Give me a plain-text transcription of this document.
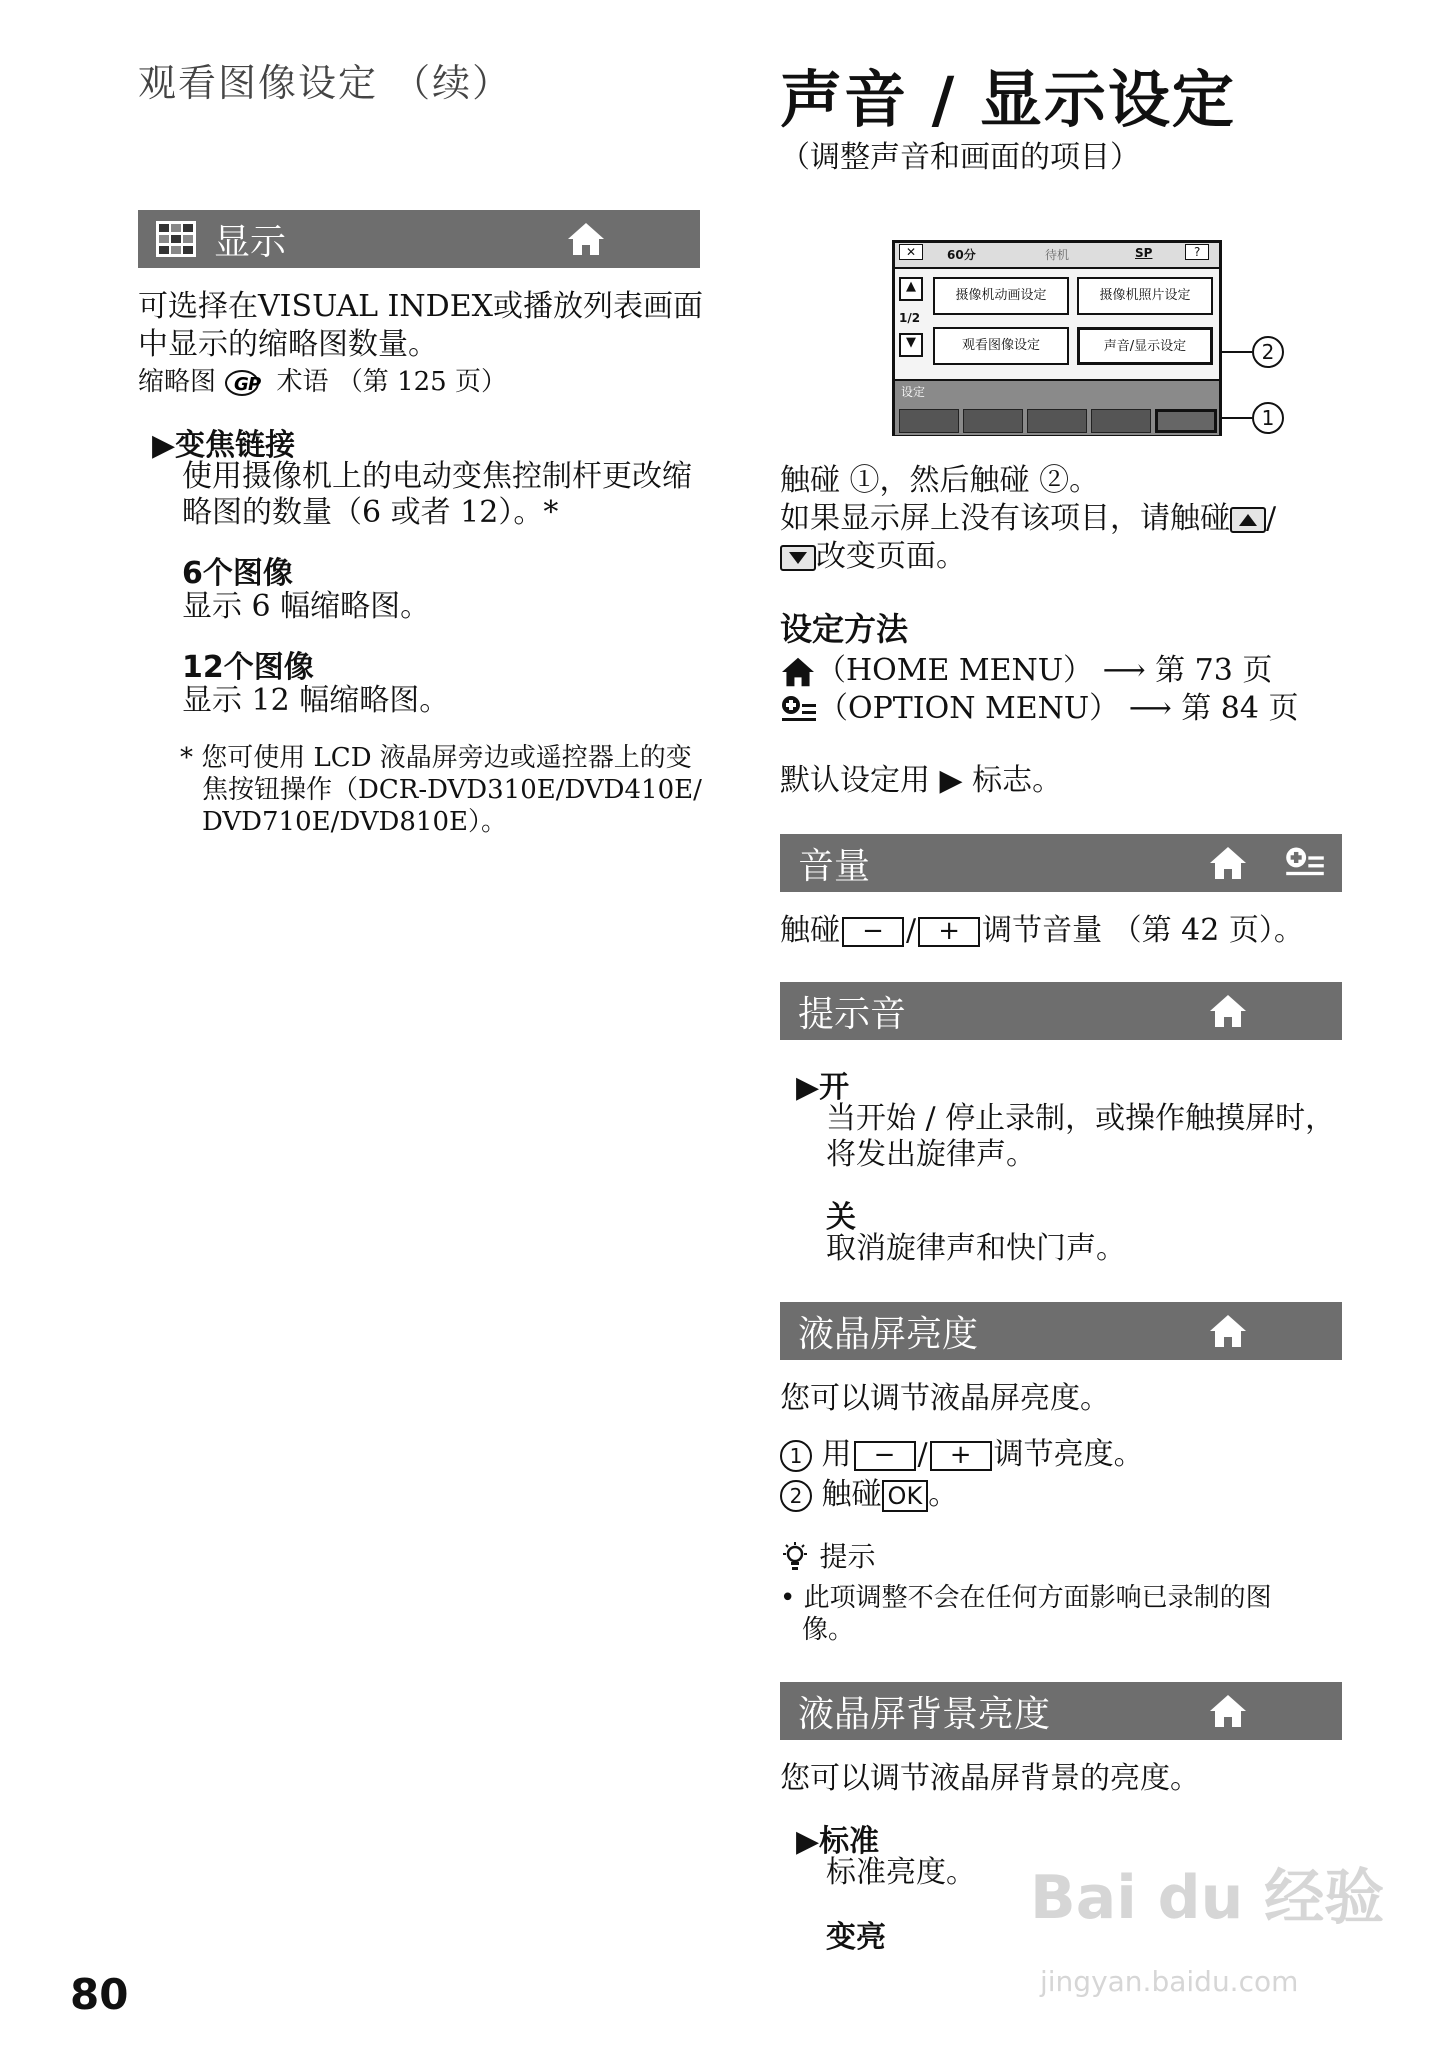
观看图像设定 （续）
显示
可选择在VISUAL INDEX或播放列表画面
中显示的缩略图数量。
缩略图 G P 术语 （第 125 页）
▶变焦链接
使用摄像机上的电动变焦控制杆更改缩
略图的数量（6 或者 12）。*
6个图像
显示 6 幅缩略图。
12个图像
显示 12 幅缩略图。
* 您可使用 LCD 液晶屏旁边或遥控器上的变
焦按钮操作（DCR-DVD310E/DVD410E/
DVD710E/DVD810E）。
声音 / 显示设定
（调整声音和画面的项目）
✕	60分	待机	SP	?
▲
1/2
▼
摄像机动画设定	摄像机照片设定
观看图像设定	声音/显示设定
设定
2
1
触碰 ①，然后触碰 ②。
如果显示屏上没有该项目，请触碰 /
改变页面。
设定方法
（HOME MENU） ⟶ 第 73 页
（OPTION MENU） ⟶ 第 84 页
默认设定用 ▶ 标志。
音量
触碰 − / + 调节音量 （第 42 页）。
提示音
▶开
当开始 / 停止录制，或操作触摸屏时，
将发出旋律声。
关
取消旋律声和快门声。
液晶屏亮度
您可以调节液晶屏亮度。
1 用 − / + 调节亮度。
2 触碰 OK 。
提示
• 此项调整不会在任何方面影响已录制的图
像。
液晶屏背景亮度
您可以调节液晶屏背景的亮度。
▶标准
标准亮度。
变亮
80
Bai du 经验
jingyan.baidu.com
